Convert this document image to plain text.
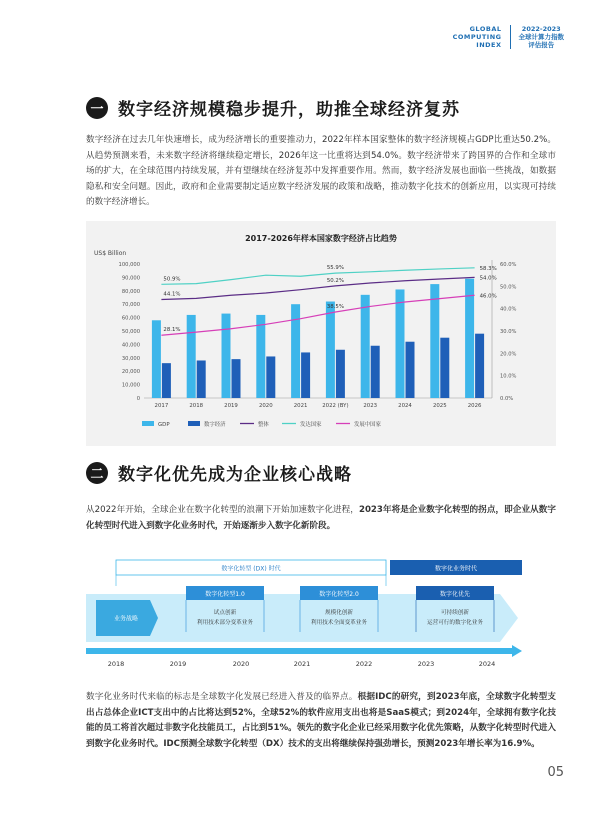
GLOBAL
COMPUTING
INDEX
2022-2023
全球计算力指数
评估报告
一 数字经济规模稳步提升，助推全球经济复苏
数字经济在过去几年快速增长，成为经济增长的重要推动力，2022年样本国家整体的数字经济规模占GDP比重达50.2%。从趋势预测来看，未来数字经济将继续稳定增长，2026年这一比重将达到54.0%。数字经济带来了跨国界的合作和全球市场的扩大，在全球范围内持续发展，并有望继续在经济复苏中发挥重要作用。然而，数字经济发展也面临一些挑战，如数据隐私和安全问题。因此，政府和企业需要制定适应数字经济发展的政策和战略，推动数字化技术的创新应用，以实现可持续的数字经济增长。
2017-2026年样本国家数字经济占比趋势
US$ Billion
100,000
90,000
80,000
70,000
60,000
50,000
40,000
30,000
20,000
10,000
0
60.0%
50.0%
40.0%
30.0%
20.0%
10.0%
0.0%
2017	2018	2019	2020	2021	2022 (BY)	2023	2024	2025	2026
50.9%
44.1%
28.1%
55.9%
50.2%
38.5%
58.3%
54.0%
46.0%
GDP	数字经济	整体	发达国家	发展中国家
二 数字化优先成为企业核心战略
从2022年开始，全球企业在数字化转型的浪潮下开始加速数字化进程，2023年将是企业数字化转型的拐点，即企业从数字化转型时代进入到数字化业务时代，开始逐渐步入数字化新阶段。
数字化转型 (DX) 时代	数字化业务时代
业务战略
数字化转型1.0
试点创新
利用技术部分变革业务
数字化转型2.0
规模化创新
利用技术全面变革业务
数字化优先
可持续创新
运营可行的数字化业务
2018	2019	2020	2021	2022	2023	2024
数字化业务时代来临的标志是全球数字化发展已经进入普及的临界点。根据IDC的研究，到2023年底，全球数字化转型支出占总体企业ICT支出中的占比将达到52%，全球52%的软件应用支出也将是SaaS模式；到2024年，全球拥有数字化技能的员工将首次超过非数字化技能员工，占比到51%。领先的数字化企业已经采用数字化优先策略，从数字化转型时代进入到数字化业务时代。IDC预测全球数字化转型（DX）技术的支出将继续保持强劲增长，预测2023年增长率为16.9%。
05
